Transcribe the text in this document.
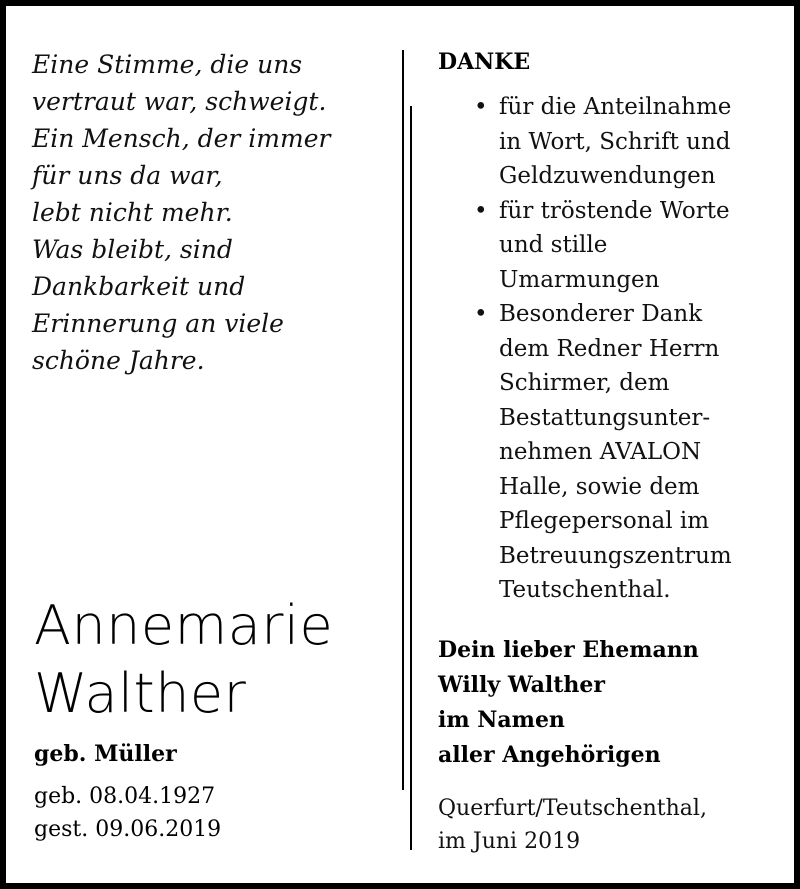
Eine Stimme, die uns
vertraut war, schweigt.
Ein Mensch, der immer
für uns da war,
lebt nicht mehr.
Was bleibt, sind
Dankbarkeit und
Erinnerung an viele
schöne Jahre.
Annemarie
Walther
geb. Müller
geb. 08.04.1927
gest. 09.06.2019
DANKE
• für die Anteilnahme
in Wort, Schrift und
Geldzuwendungen
• für tröstende Worte
und stille
Umarmungen
• Besonderer Dank
dem Redner Herrn
Schirmer, dem
Bestattungsunter-
nehmen AVALON
Halle, sowie dem
Pflegepersonal im
Betreuungszentrum
Teutschenthal.
Dein lieber Ehemann
Willy Walther
im Namen
aller Angehörigen
Querfurt/Teutschenthal,
im Juni 2019
